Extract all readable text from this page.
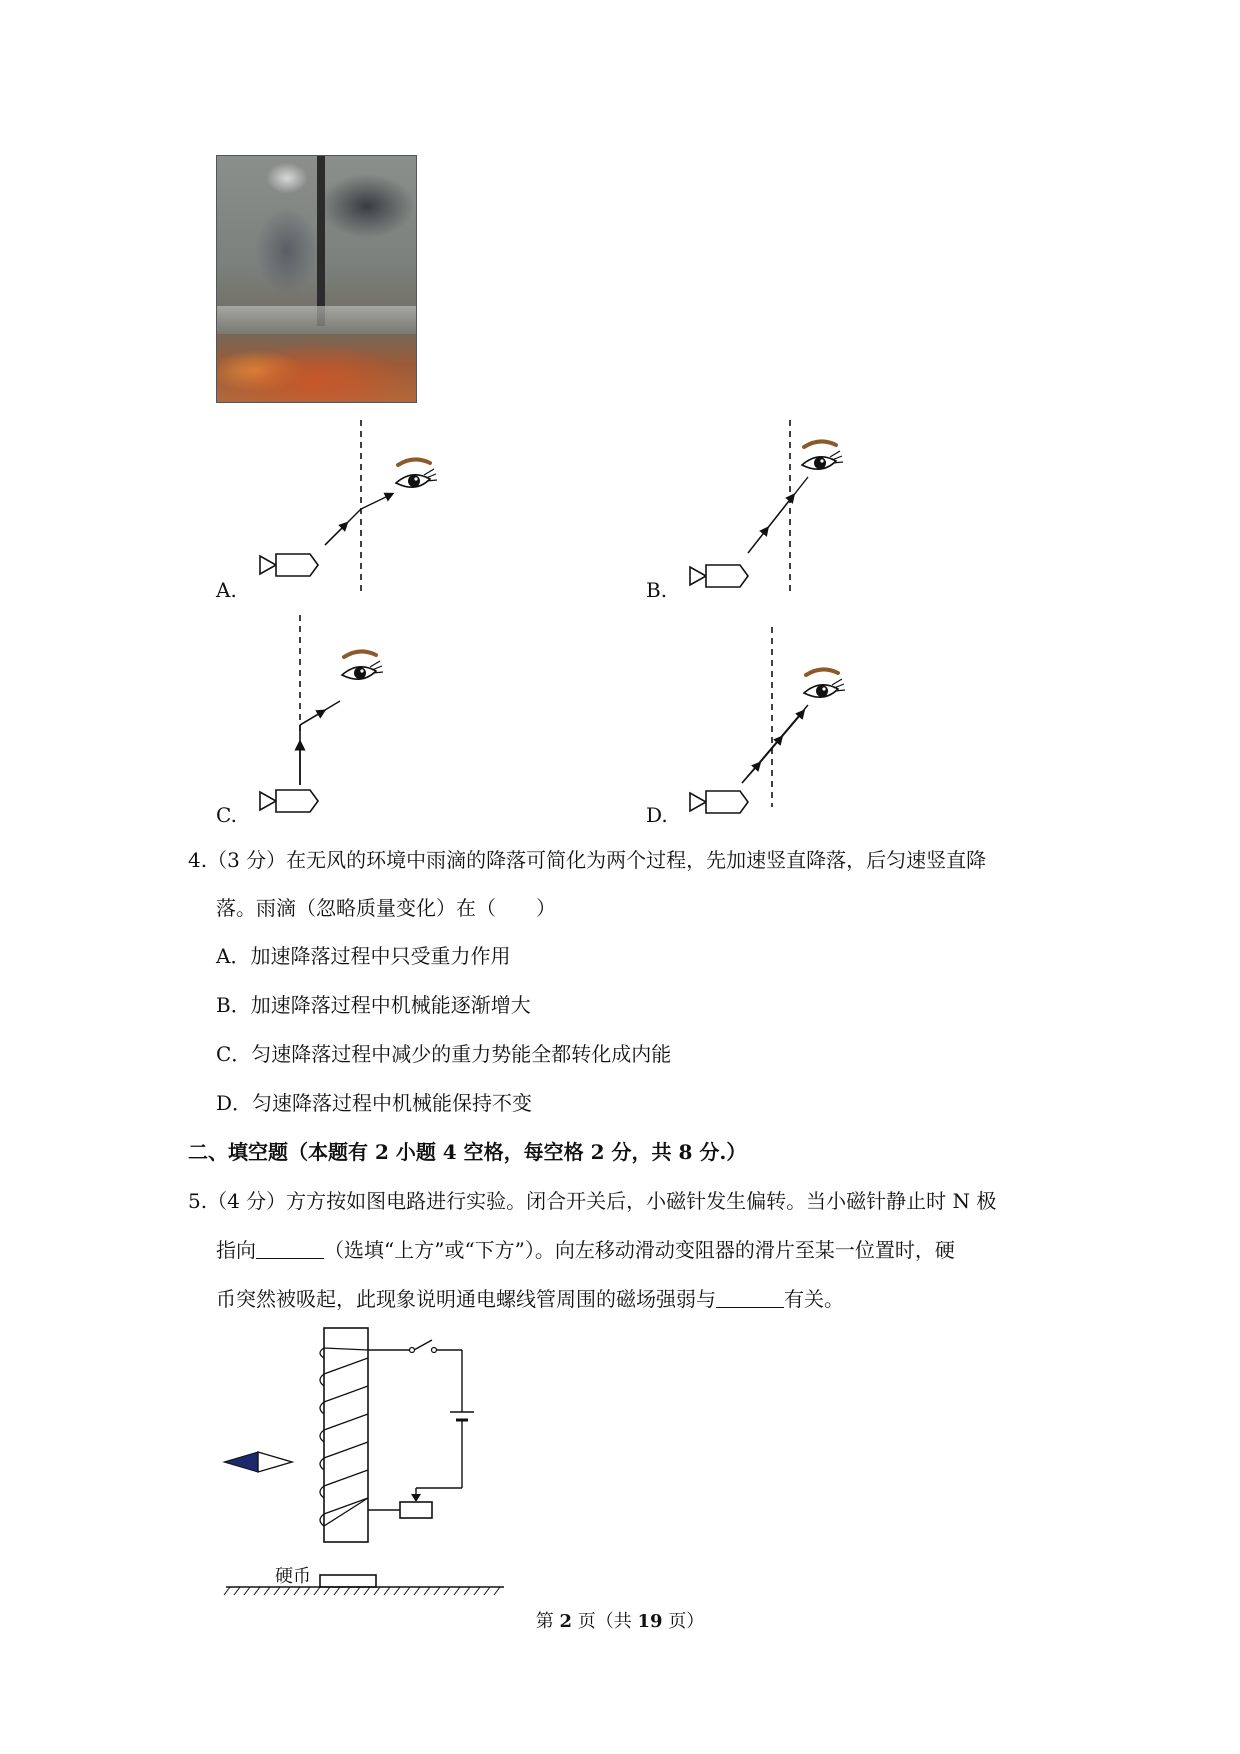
A.	B.
C.	D.
4.（3 分）在无风的环境中雨滴的降落可简化为两个过程，先加速竖直降落，后匀速竖直降
落。雨滴（忽略质量变化）在（　　）
A．加速降落过程中只受重力作用
B．加速降落过程中机械能逐渐增大
C．匀速降落过程中减少的重力势能全都转化成内能
D．匀速降落过程中机械能保持不变
二、填空题（本题有 2 小题 4 空格，每空格 2 分，共 8 分.）
5.（4 分）方方按如图电路进行实验。闭合开关后，小磁针发生偏转。当小磁针静止时 N 极
指向	（选填“上方”或“下方”）。向左移动滑动变阻器的滑片至某一位置时，硬
币突然被吸起，此现象说明通电螺线管周围的磁场强弱与	有关。
硬币
第 2 页（共 19 页）
